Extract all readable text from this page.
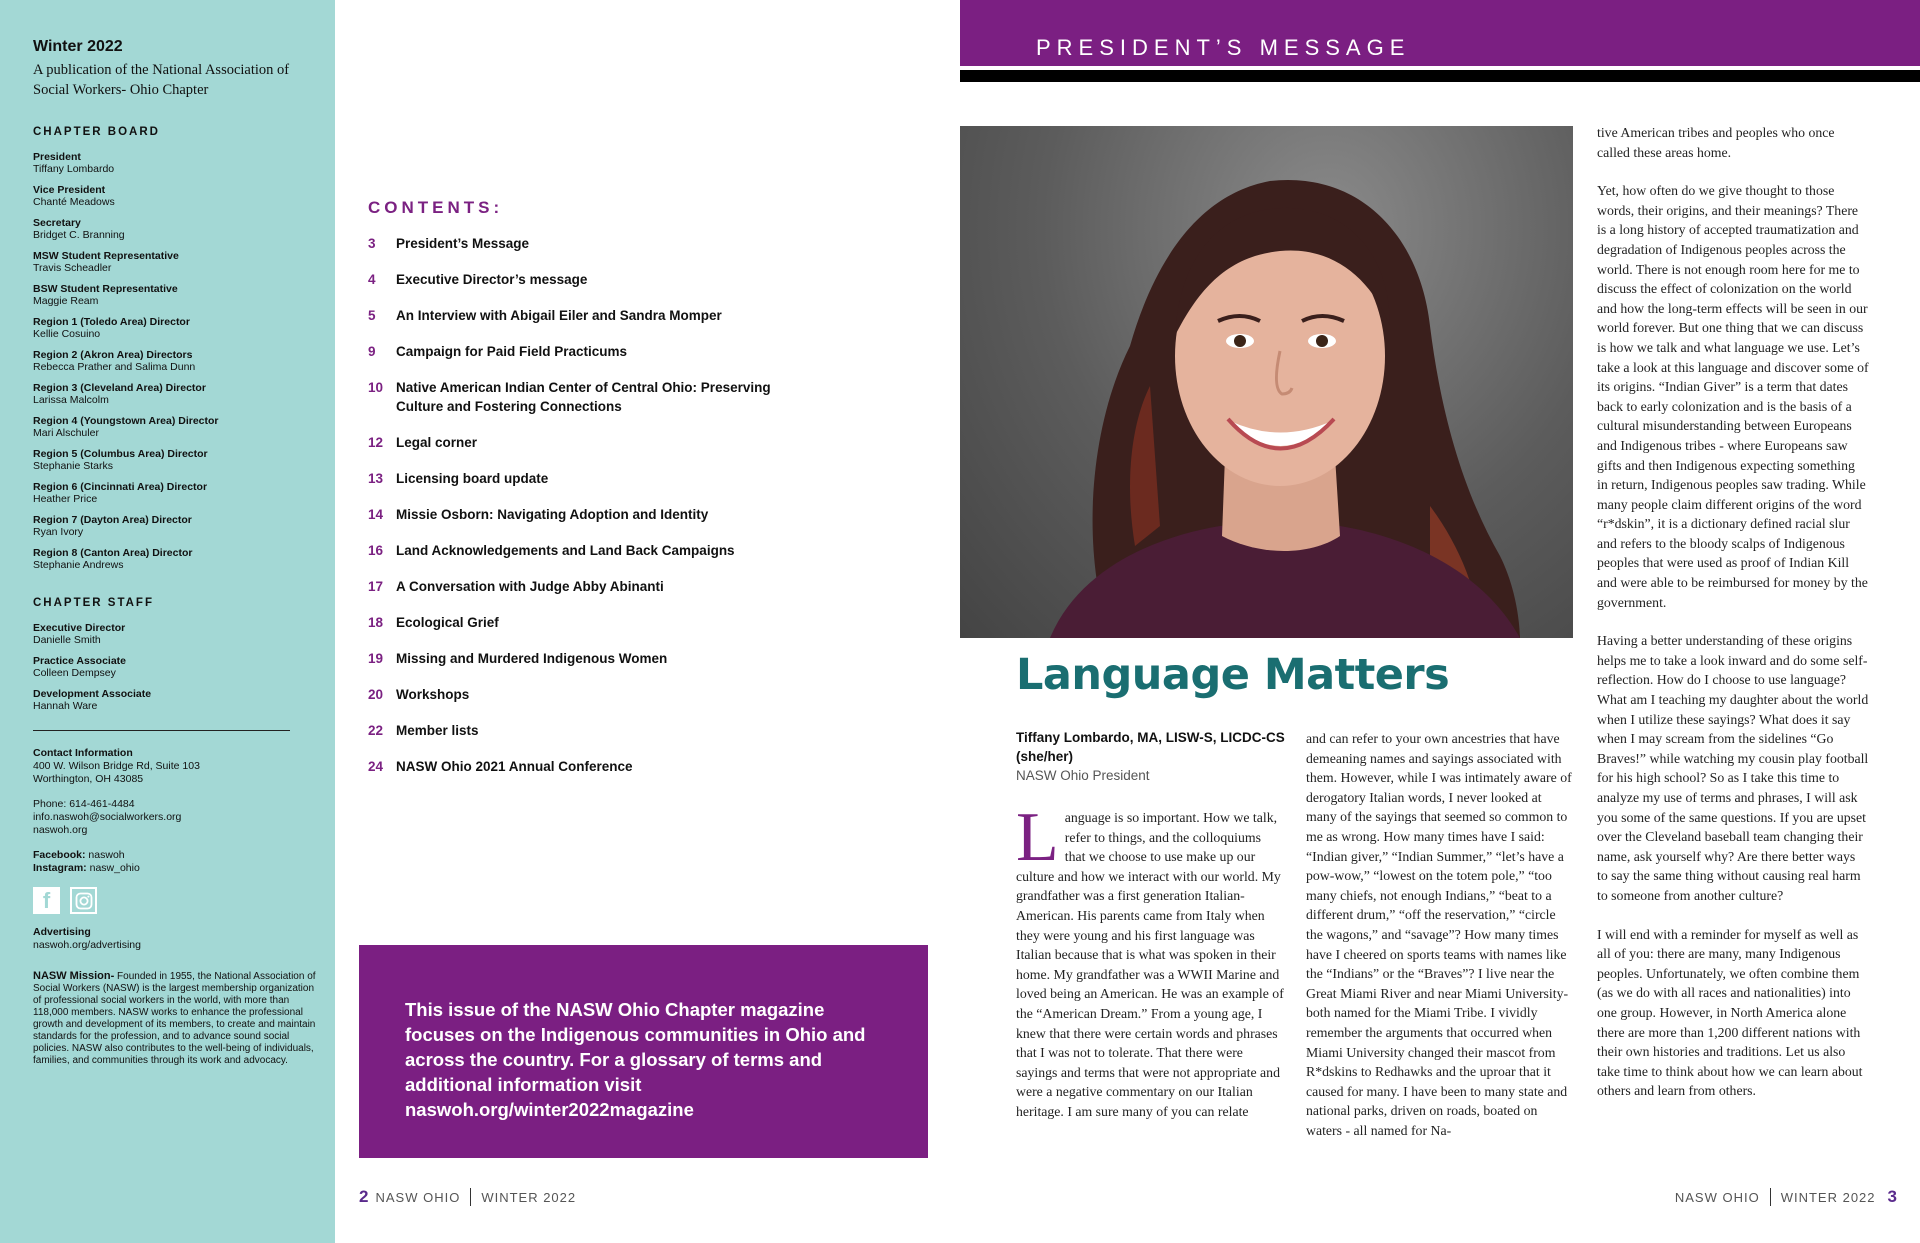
Winter 2022
A publication of the National Association of Social Workers- Ohio Chapter
CHAPTER BOARD
President
Tiffany Lombardo
Vice President
Chanté Meadows
Secretary
Bridget C. Branning
MSW Student Representative
Travis Scheadler
BSW Student Representative
Maggie Ream
Region 1 (Toledo Area) Director
Kellie Cosuino
Region 2 (Akron Area) Directors
Rebecca Prather and Salima Dunn
Region 3 (Cleveland Area) Director
Larissa Malcolm
Region 4 (Youngstown Area) Director
Mari Alschuler
Region 5 (Columbus Area) Director
Stephanie Starks
Region 6 (Cincinnati Area) Director
Heather Price
Region 7 (Dayton Area) Director
Ryan Ivory
Region 8 (Canton Area) Director
Stephanie Andrews
CHAPTER STAFF
Executive Director
Danielle Smith
Practice Associate
Colleen Dempsey
Development Associate
Hannah Ware
Contact Information
400 W. Wilson Bridge Rd, Suite 103
Worthington, OH 43085
Phone: 614-461-4484
info.naswoh@socialworkers.org
naswoh.org
Facebook: naswoh
Instagram: nasw_ohio
f
Advertising
naswoh.org/advertising
NASW Mission- Founded in 1955, the National Association of Social Workers (NASW) is the largest membership organization of professional social workers in the world, with more than 118,000 members. NASW works to enhance the professional growth and development of its members, to create and maintain standards for the profession, and to advance sound social policies. NASW also contributes to the well-being of individuals, families, and communities through its work and advocacy.
CONTENTS:
3	President’s Message
4	Executive Director’s message
5	An Interview with Abigail Eiler and Sandra Momper
9	Campaign for Paid Field Practicums
10 Native American Indian Center of Central Ohio: Preserving Culture and Fostering Connections
12 Legal corner
13 Licensing board update
14 Missie Osborn: Navigating Adoption and Identity
16 Land Acknowledgements and Land Back Campaigns
17 A Conversation with Judge Abby Abinanti
18 Ecological Grief
19 Missing and Murdered Indigenous Women
20 Workshops
22 Member lists
24 NASW Ohio 2021 Annual Conference
This issue of the NASW Ohio Chapter magazine focuses on the Indigenous communities in Ohio and across the country. For a glossary of terms and additional information visit naswoh.org/winter2022magazine
2 NASW OHIO WINTER 2022
PRESIDENT’S MESSAGE
Language Matters
Tiffany Lombardo, MA, LISW-S, LICDC-CS (she/her)
NASW Ohio President
L anguage is so important. How we talk, refer to things, and the colloquiums that we choose to use make up our culture and how we interact with our world. My grandfather was a first generation Italian-American. His parents came from Italy when they were young and his first language was Italian because that is what was spoken in their home. My grandfather was a WWII Marine and loved being an American. He was an example of the “American Dream.” From a young age, I knew that there were certain words and phrases that I was not to tolerate. That there were sayings and terms that were not appropriate and were a negative commentary on our Italian heritage. I am sure many of you can relate
and can refer to your own ancestries that have demeaning names and sayings associated with them. However, while I was intimately aware of derogatory Italian words, I never looked at many of the sayings that seemed so common to me as wrong. How many times have I said: “Indian giver,” “Indian Summer,” “let’s have a pow-wow,” “lowest on the totem pole,” “too many chiefs, not enough Indians,” “beat to a different drum,” “off the reservation,” “circle the wagons,” and “savage”? How many times have I cheered on sports teams with names like the “Indians” or the “Braves”? I live near the Great Miami River and near Miami University- both named for the Miami Tribe. I vividly remember the arguments that occurred when Miami University changed their mascot from R*dskins to Redhawks and the uproar that it caused for many. I have been to many state and national parks, driven on roads, boated on waters - all named for Na-

tive American tribes and peoples who once called these areas home.

Yet, how often do we give thought to those words, their origins, and their meanings? There is a long history of accepted traumatization and degradation of Indigenous peoples across the world. There is not enough room here for me to discuss the effect of colonization on the world and how the long-term effects will be seen in our world forever. But one thing that we can discuss is how we talk and what language we use. Let’s take a look at this language and discover some of its origins. “Indian Giver” is a term that dates back to early colonization and is the basis of a cultural misunderstanding between Europeans and Indigenous tribes - where Europeans saw gifts and then Indigenous expecting something in return, Indigenous peoples saw trading. While many people claim different origins of the word “r*dskin”, it is a dictionary defined racial slur and refers to the bloody scalps of Indigenous peoples that were used as proof of Indian Kill and were able to be reimbursed for money by the government.

Having a better understanding of these origins helps me to take a look inward and do some self-reflection. How do I choose to use language? What am I teaching my daughter about the world when I utilize these sayings? What does it say when I may scream from the sidelines “Go Braves!” while watching my cousin play football for his high school? So as I take this time to analyze my use of terms and phrases, I will ask you some of the same questions. If you are upset over the Cleveland baseball team changing their name, ask yourself why? Are there better ways to say the same thing without causing real harm to someone from another culture?

I will end with a reminder for myself as well as all of you: there are many, many Indigenous peoples. Unfortunately, we often combine them (as we do with all races and nationalities) into one group. However, in North America alone there are more than 1,200 different nations with their own histories and traditions. Let us also take time to think about how we can learn about others and learn from others.

NASW OHIO WINTER 2022 3
